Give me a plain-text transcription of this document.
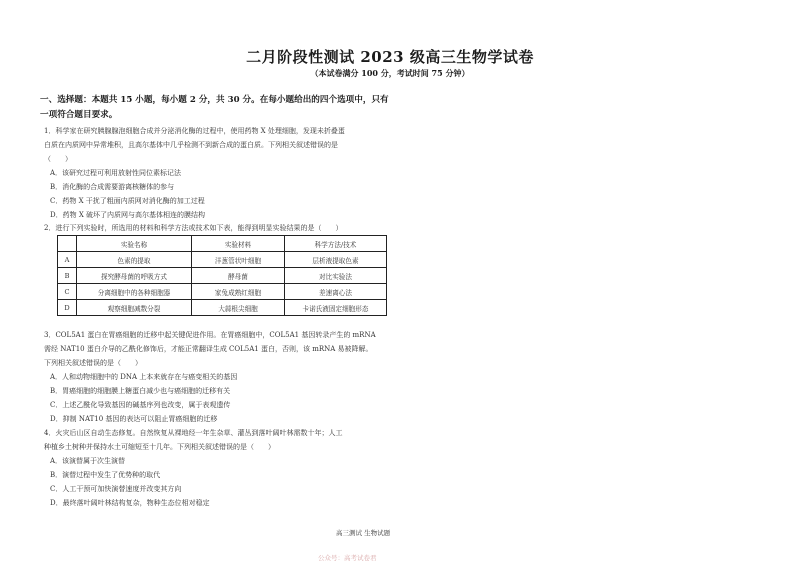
二月阶段性测试 2023 级高三生物学试卷
（本试卷满分 100 分，考试时间 75 分钟）
一、选择题：本题共 15 小题，每小题 2 分，共 30 分。在每小题给出的四个选项中，只有
一项符合题目要求。
1．科学家在研究胰腺腺泡细胞合成并分泌消化酶的过程中，使用药物 X 处理细胞，发现未折叠蛋
白质在内质网中异常堆积，且高尔基体中几乎检测不到新合成的蛋白质。下列相关叙述错误的是
（　　）
A．该研究过程可利用放射性同位素标记法
B．消化酶的合成需要游离核糖体的参与
C．药物 X 干扰了粗面内质网对消化酶的加工过程
D．药物 X 破坏了内质网与高尔基体相连的膜结构
2．进行下列实验时，所选用的材料和科学方法或技术如下表，能得到明显实验结果的是（　　）
	实验名称	实验材料	科学方法/技术
A	色素的提取	洋葱管状叶细胞	层析液提取色素
B	探究酵母菌的呼吸方式	酵母菌	对比实验法
C	分离细胞中的各种细胞器	家兔成熟红细胞	差速离心法
D	观察细胞减数分裂	大蒜根尖细胞	卡诺氏液固定细胞形态
3．COL5A1 蛋白在胃癌细胞的迁移中起关键促进作用。在胃癌细胞中，COL5A1 基因转录产生的 mRNA
需经 NAT10 蛋白介导的乙酰化修饰后，才能正常翻译生成 COL5A1 蛋白，否则，该 mRNA 易被降解。
下列相关叙述错误的是（　　）
A．人和动物细胞中的 DNA 上本来就存在与癌变相关的基因
B．胃癌细胞的细胞膜上糖蛋白减少也与癌细胞的迁移有关
C．上述乙酰化导致基因的碱基序列也改变，属于表观遗传
D．抑制 NAT10 基因的表达可以阻止胃癌细胞的迁移
4．火灾后山区自动生态修复。自然恢复从裸地经一年生杂草、灌丛到落叶阔叶林需数十年；人工
种植乡土树种并保持水土可缩短至十几年。下列相关叙述错误的是（　　）
A．该演替属于次生演替
B．演替过程中发生了优势种的取代
C．人工干预可加快演替速度并改变其方向
D．最终落叶阔叶林结构复杂，物种生态位相对稳定
高三测试 生物试题
公众号：高考试卷君
